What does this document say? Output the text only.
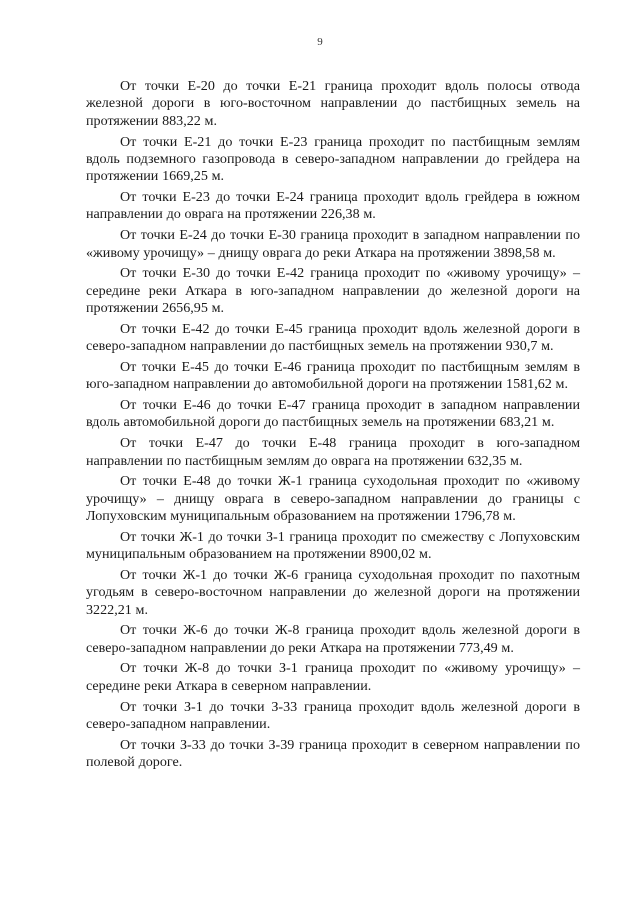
9

От точки Е-20 до точки Е-21 граница проходит вдоль полосы отвода железной дороги в юго-восточном направлении до пастбищных земель на протяжении 883,22 м.

От точки Е-21 до точки Е-23 граница проходит по пастбищным землям вдоль подземного газопровода в северо-западном направлении до грейдера на протяжении 1669,25 м.

От точки Е-23 до точки Е-24 граница проходит вдоль грейдера в южном направлении до оврага на протяжении 226,38 м.

От точки Е-24 до точки Е-30 граница проходит в западном направлении по «живому урочищу» – днищу оврага до реки Аткара на протяжении 3898,58 м.

От точки Е-30 до точки Е-42 граница проходит по «живому урочищу» – середине реки Аткара в юго-западном направлении до железной дороги на протяжении 2656,95 м.

От точки Е-42 до точки Е-45 граница проходит вдоль железной дороги в северо-западном направлении до пастбищных земель на протяжении 930,7 м.

От точки Е-45 до точки Е-46 граница проходит по пастбищным землям в юго-западном направлении до автомобильной дороги на протяжении 1581,62 м.

От точки Е-46 до точки Е-47 граница проходит в западном направлении вдоль автомобильной дороги до пастбищных земель на протяжении 683,21 м.

От точки Е-47 до точки Е-48 граница проходит в юго-западном направлении по пастбищным землям до оврага на протяжении 632,35 м.

От точки Е-48 до точки Ж-1 граница суходольная проходит по «живому урочищу» – днищу оврага в северо-западном направлении до границы с Лопуховским муниципальным образованием на протяжении 1796,78 м.

От точки Ж-1 до точки З-1 граница проходит по смежеству с Лопуховским муниципальным образованием на протяжении 8900,02 м.

От точки Ж-1 до точки Ж-6 граница суходольная проходит по пахотным угодьям в северо-восточном направлении до железной дороги на протяжении 3222,21 м.

От точки Ж-6 до точки Ж-8 граница проходит вдоль железной дороги в северо-западном направлении до реки Аткара на протяжении 773,49 м.

От точки Ж-8 до точки З-1 граница проходит по «живому урочищу» – середине реки Аткара в северном направлении.

От точки З-1 до точки З-33 граница проходит вдоль железной дороги в северо-западном направлении.

От точки З-33 до точки З-39 граница проходит в северном направлении по полевой дороге.
